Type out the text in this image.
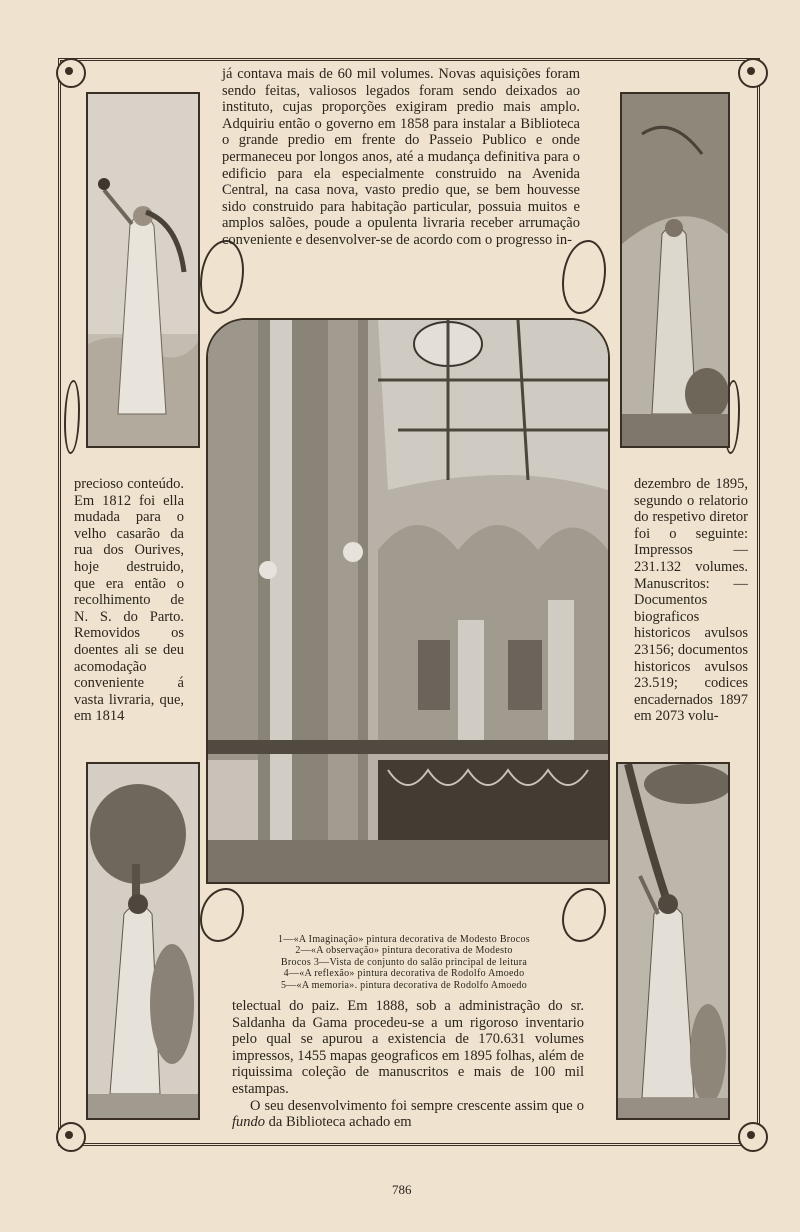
já contava mais de 60 mil volumes. Novas aquisições foram sendo feitas, valiosos legados foram sendo deixados ao instituto, cujas proporções exigiram predio mais amplo. Adquiriu então o governo em 1858 para instalar a Biblioteca o grande predio em frente do Passeio Publico e onde permaneceu por longos anos, até a mudança definitiva para o edificio para ela especialmente construido na Avenida Central, na casa nova, vasto predio que, se bem houvesse sido construido para habitação particular, possuia muitos e amplos salões, poude a opulenta livraria receber arrumação conveniente e desenvolver-se de acordo com o progresso in-

precioso conteúdo. Em 1812 foi ella mudada para o velho casarão da rua dos Ourives, hoje destruido, que era então o recolhimento de N. S. do Parto. Removidos os doentes ali se deu acomodação conveniente á vasta livraria, que, em 1814

dezembro de 1895, segundo o relatorio do respetivo diretor foi o seguinte: Impressos — 231.132 volumes. Manuscritos: — Documentos biograficos historicos avulsos 23156; documentos historicos avulsos 23.519; codices encadernados 1897 em 2073 volu-

1—«A Imaginação» pintura decorativa de Modesto Brocos
2—«A observação» pintura decorativa de Modesto
Brocos 3—Vista de conjunto do salão principal de leitura
4—«A reflexão» pintura decorativa de Rodolfo Amoedo
5—«A memoria». pintura decorativa de Rodolfo Amoedo

telectual do paiz. Em 1888, sob a administração do sr. Saldanha da Gama procedeu-se a um rigoroso inventario pelo qual se apurou a existencia de 170.631 volumes impressos, 1455 mapas geograficos em 1895 folhas, além de riquissima coleção de manuscritos e mais de 100 mil estampas.

O seu desenvolvimento foi sempre crescente assim que o fundo da Biblioteca achado em

786
